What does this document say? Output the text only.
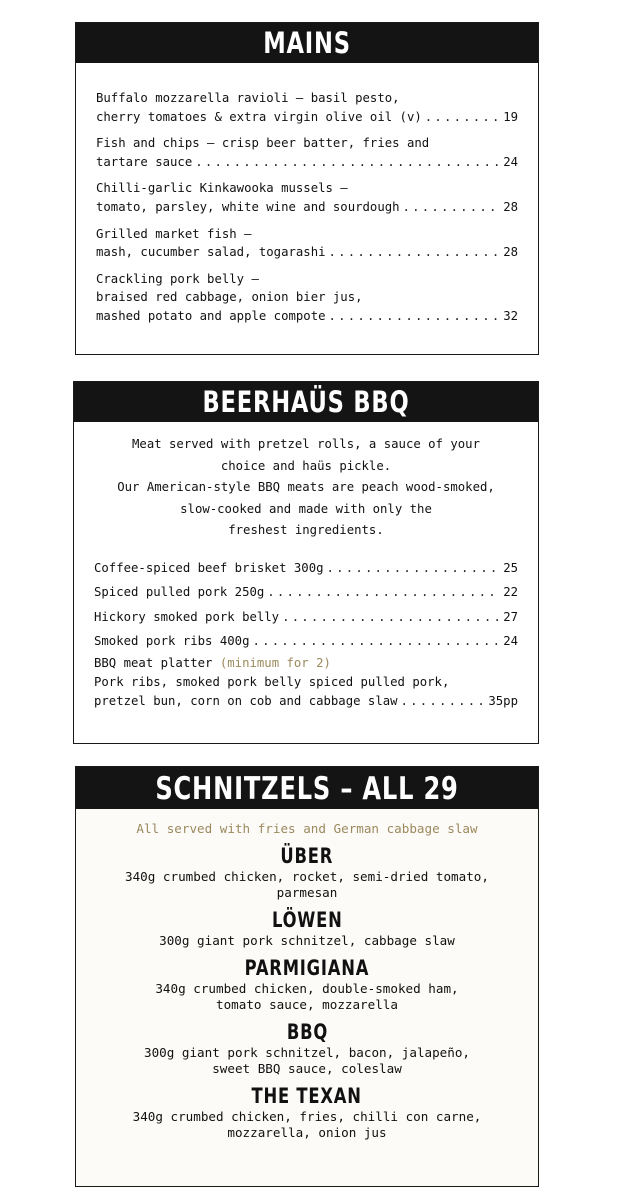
MAINS
Buffalo mozzarella ravioli – basil pesto,
cherry tomatoes & extra virgin olive oil (v) . . .	19
Fish and chips – crisp beer batter, fries and
tartare sauce . . .	24
Chilli-garlic Kinkawooka mussels –
tomato, parsley, white wine and sourdough . . .	28
Grilled market fish –
mash, cucumber salad, togarashi . . .	28
Crackling pork belly –
braised red cabbage, onion bier jus,
mashed potato and apple compote . . .	32
BEERHAÜS BBQ
Meat served with pretzel rolls, a sauce of your
choice and haüs pickle.
Our American-style BBQ meats are peach wood-smoked,
slow-cooked and made with only the
freshest ingredients.
Coffee-spiced beef brisket 300g . . .	25
Spiced pulled pork 250g . . .	22
Hickory smoked pork belly . . .	27
Smoked pork ribs 400g . . .	24
BBQ meat platter (minimum for 2)
Pork ribs, smoked pork belly spiced pulled pork,
pretzel bun, corn on cob and cabbage slaw . . .	35pp
SCHNITZELS – ALL 29
All served with fries and German cabbage slaw
ÜBER
340g crumbed chicken, rocket, semi-dried tomato,
parmesan
LÖWEN
300g giant pork schnitzel, cabbage slaw
PARMIGIANA
340g crumbed chicken, double-smoked ham,
tomato sauce, mozzarella
BBQ
300g giant pork schnitzel, bacon, jalapeño,
sweet BBQ sauce, coleslaw
THE TEXAN
340g crumbed chicken, fries, chilli con carne,
mozzarella, onion jus
